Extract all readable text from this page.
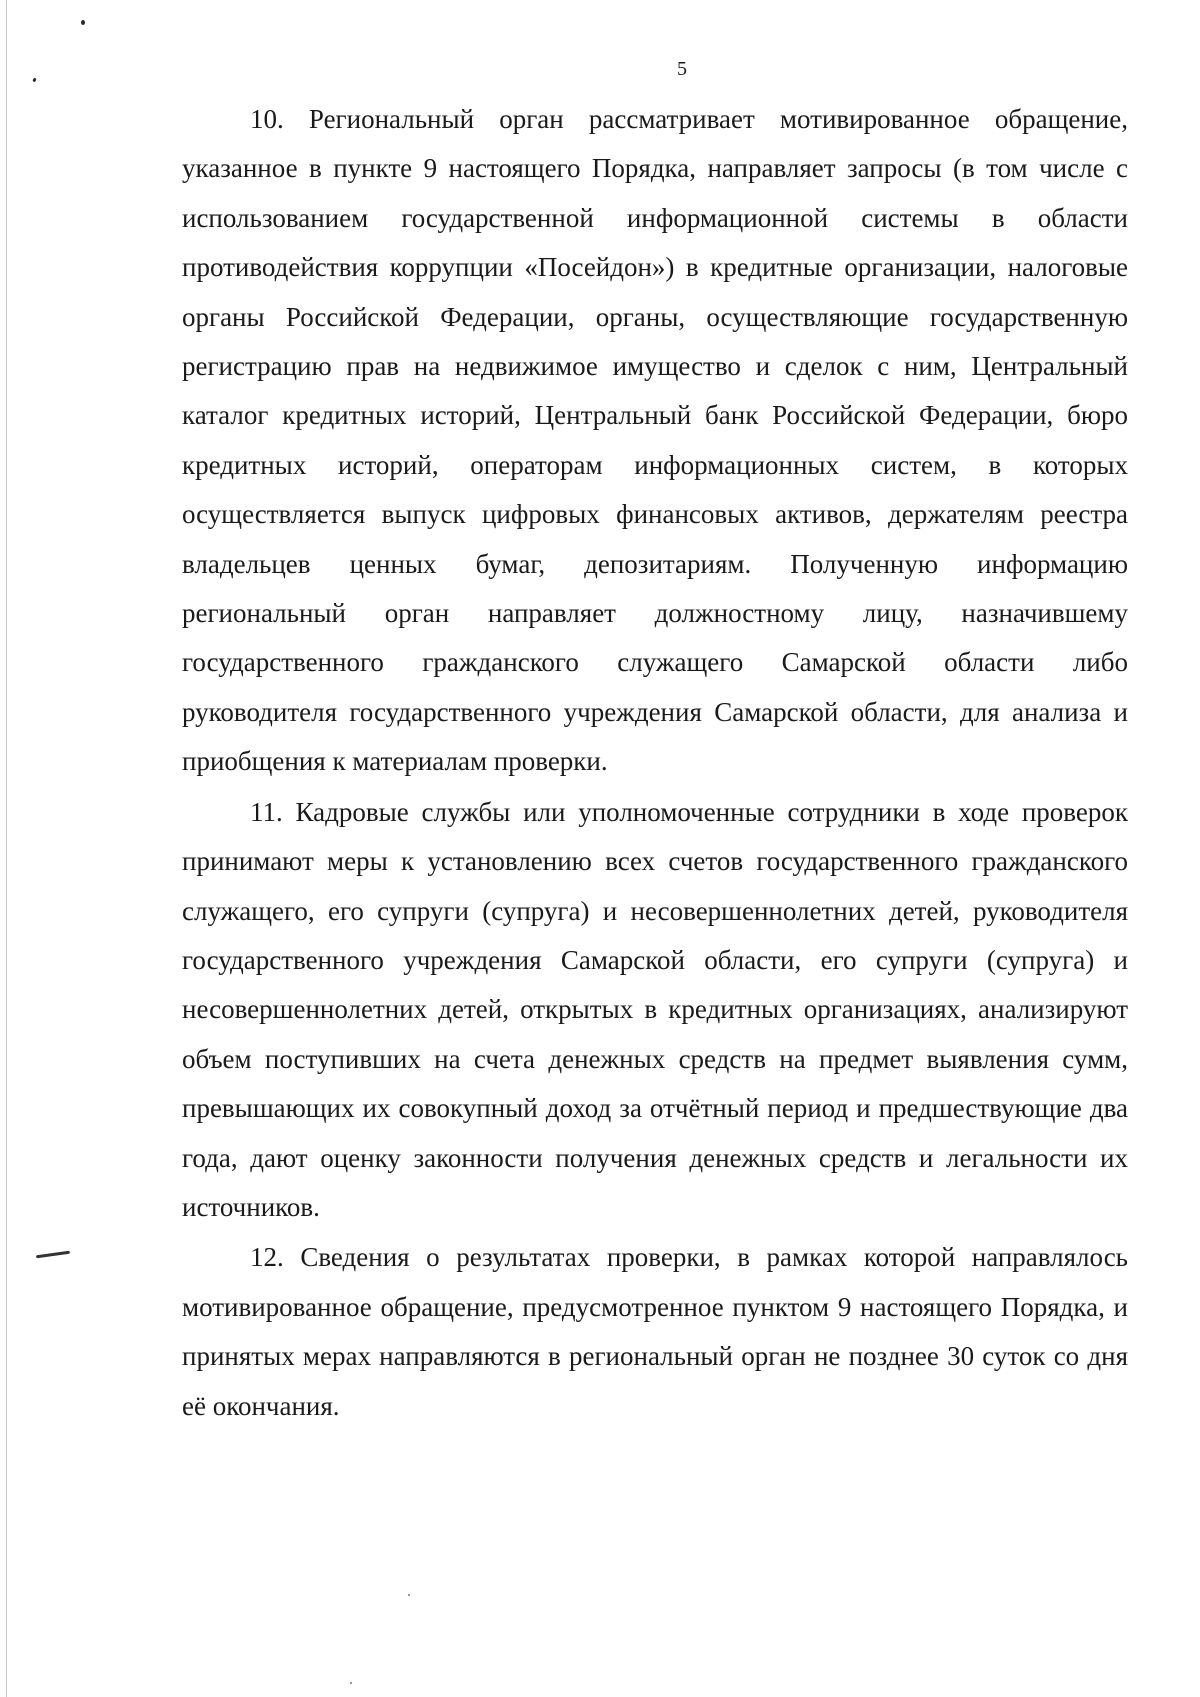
5

10. Региональный орган рассматривает мотивированное обращение, указанное в пункте 9 настоящего Порядка, направляет запросы (в том числе с использованием государственной информационной системы в области противодействия коррупции «Посейдон») в кредитные организации, налоговые органы Российской Федерации, органы, осуществляющие государственную регистрацию прав на недвижимое имущество и сделок с ним, Центральный каталог кредитных историй, Центральный банк Российской Федерации, бюро кредитных историй, операторам информационных систем, в которых осуществляется выпуск цифровых финансовых активов, держателям реестра владельцев ценных бумаг, депозитариям. Полученную информацию региональный орган направляет должностному лицу, назначившему государственного гражданского служащего Самарской области либо руководителя государственного учреждения Самарской области, для анализа и приобщения к материалам проверки.

11. Кадровые службы или уполномоченные сотрудники в ходе проверок принимают меры к установлению всех счетов государственного гражданского служащего, его супруги (супруга) и несовершеннолетних детей, руководителя государственного учреждения Самарской области, его супруги (супруга) и несовершеннолетних детей, открытых в кредитных организациях, анализируют объем поступивших на счета денежных средств на предмет выявления сумм, превышающих их совокупный доход за отчётный период и предшествующие два года, дают оценку законности получения денежных средств и легальности их источников.

12. Сведения о результатах проверки, в рамках которой направлялось мотивированное обращение, предусмотренное пунктом 9 настоящего Порядка, и принятых мерах направляются в региональный орган не позднее 30 суток со дня её окончания.
